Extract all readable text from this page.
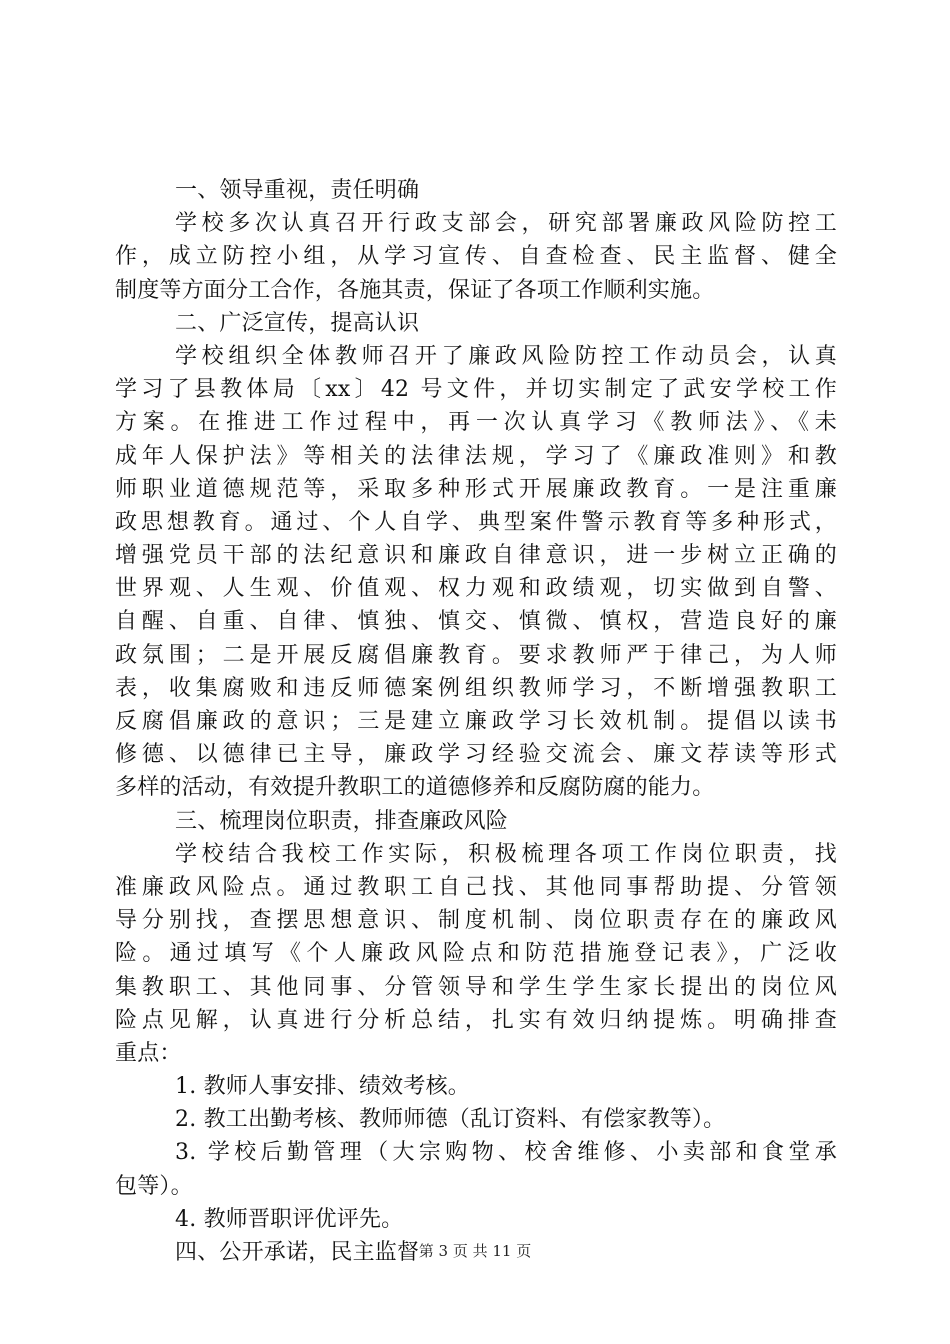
一、领导重视，责任明确
学校多次认真召开行政支部会，研究部署廉政风险防控工
作，成立防控小组，从学习宣传、自查检查、民主监督、健全
制度等方面分工合作，各施其责，保证了各项工作顺利实施。
二、广泛宣传，提高认识
学校组织全体教师召开了廉政风险防控工作动员会，认真
学习了县教体局〔xx〕42 号文件，并切实制定了武安学校工作
方案。在推进工作过程中，再一次认真学习《教师法》、《未
成年人保护法》等相关的法律法规，学习了《廉政准则》和教
师职业道德规范等，采取多种形式开展廉政教育。一是注重廉
政思想教育。通过、个人自学、典型案件警示教育等多种形式，
增强党员干部的法纪意识和廉政自律意识，进一步树立正确的
世界观、人生观、价值观、权力观和政绩观，切实做到自警、
自醒、自重、自律、慎独、慎交、慎微、慎权，营造良好的廉
政氛围；二是开展反腐倡廉教育。要求教师严于律己，为人师
表，收集腐败和违反师德案例组织教师学习，不断增强教职工
反腐倡廉政的意识；三是建立廉政学习长效机制。提倡以读书
修德、以德律已主导，廉政学习经验交流会、廉文荐读等形式
多样的活动，有效提升教职工的道德修养和反腐防腐的能力。
三、梳理岗位职责，排查廉政风险
学校结合我校工作实际，积极梳理各项工作岗位职责，找
准廉政风险点。通过教职工自己找、其他同事帮助提、分管领
导分别找，查摆思想意识、制度机制、岗位职责存在的廉政风
险。通过填写《个人廉政风险点和防范措施登记表》，广泛收
集教职工、其他同事、分管领导和学生学生家长提出的岗位风
险点见解，认真进行分析总结，扎实有效归纳提炼。明确排查
重点：
1. 教师人事安排、绩效考核。
2. 教工出勤考核、教师师德（乱订资料、有偿家教等）。
3. 学校后勤管理（大宗购物、校舍维修、小卖部和食堂承
包等）。
4. 教师晋职评优评先。
四、公开承诺，民主监督 第 3 页 共 11 页
